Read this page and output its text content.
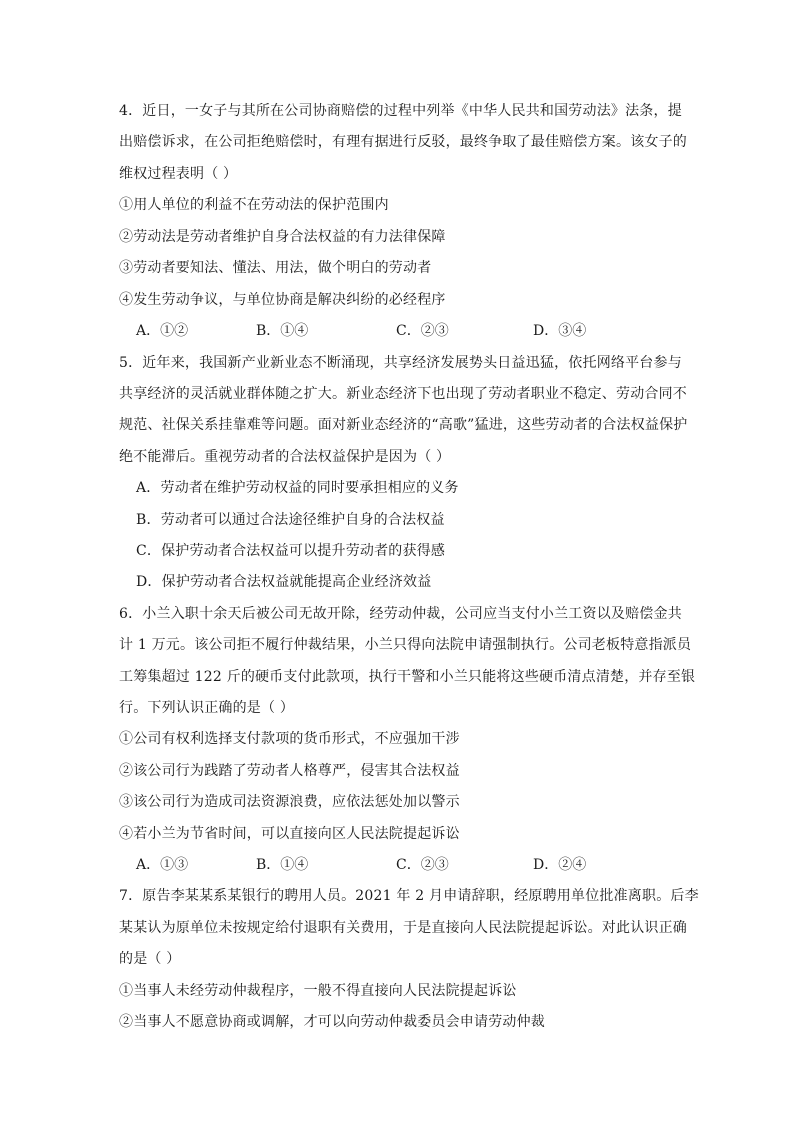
4．近日，一女子与其所在公司协商赔偿的过程中列举《中华人民共和国劳动法》法条，提
出赔偿诉求，在公司拒绝赔偿时，有理有据进行反驳，最终争取了最佳赔偿方案。该女子的
维权过程表明（ ）
①用人单位的利益不在劳动法的保护范围内
②劳动法是劳动者维护自身合法权益的有力法律保障
③劳动者要知法、懂法、用法，做个明白的劳动者
④发生劳动争议，与单位协商是解决纠纷的必经程序
A．①②	B．①④	C．②③	D．③④
5．近年来，我国新产业新业态不断涌现，共享经济发展势头日益迅猛，依托网络平台参与
共享经济的灵活就业群体随之扩大。新业态经济下也出现了劳动者职业不稳定、劳动合同不
规范、社保关系挂靠难等问题。面对新业态经济的“高歌”猛进，这些劳动者的合法权益保护
绝不能滞后。重视劳动者的合法权益保护是因为（ ）
A．劳动者在维护劳动权益的同时要承担相应的义务
B．劳动者可以通过合法途径维护自身的合法权益
C．保护劳动者合法权益可以提升劳动者的获得感
D．保护劳动者合法权益就能提高企业经济效益
6．小兰入职十余天后被公司无故开除，经劳动仲裁，公司应当支付小兰工资以及赔偿金共
计 1 万元。该公司拒不履行仲裁结果，小兰只得向法院申请强制执行。公司老板特意指派员
工筹集超过 122 斤的硬币支付此款项，执行干警和小兰只能将这些硬币清点清楚，并存至银
行。下列认识正确的是（ ）
①公司有权利选择支付款项的货币形式，不应强加干涉
②该公司行为践踏了劳动者人格尊严，侵害其合法权益
③该公司行为造成司法资源浪费，应依法惩处加以警示
④若小兰为节省时间，可以直接向区人民法院提起诉讼
A．①③	B．①④	C．②③	D．②④
7．原告李某某系某银行的聘用人员。2021 年 2 月申请辞职，经原聘用单位批准离职。后李
某某认为原单位未按规定给付退职有关费用，于是直接向人民法院提起诉讼。对此认识正确
的是（ ）
①当事人未经劳动仲裁程序，一般不得直接向人民法院提起诉讼
②当事人不愿意协商或调解，才可以向劳动仲裁委员会申请劳动仲裁
